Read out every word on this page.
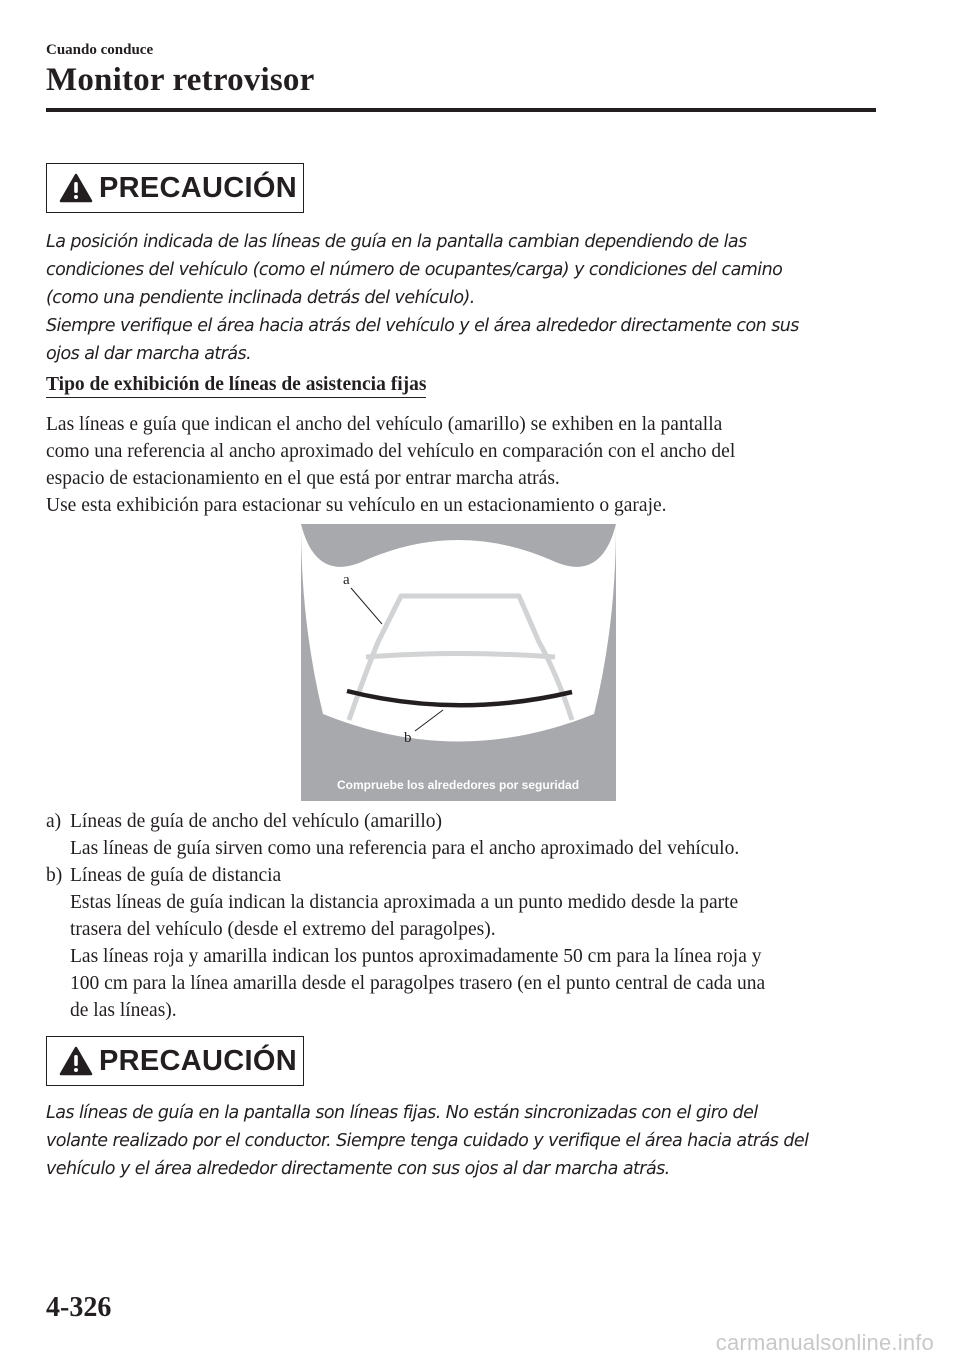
Cuando conduce
Monitor retrovisor
PRECAUCIÓN

La posición indicada de las líneas de guía en la pantalla cambian dependiendo de las

condiciones del vehículo (como el número de ocupantes/carga) y condiciones del camino

(como una pendiente inclinada detrás del vehículo).

Siempre verifique el área hacia atrás del vehículo y el área alrededor directamente con sus

ojos al dar marcha atrás.

Tipo de exhibición de líneas de asistencia fijas

Las líneas e guía que indican el ancho del vehículo (amarillo) se exhiben en la pantalla

como una referencia al ancho aproximado del vehículo en comparación con el ancho del

espacio de estacionamiento en el que está por entrar marcha atrás.

Use esta exhibición para estacionar su vehículo en un estacionamiento o garaje.

a
b
Compruebe los alrededores por seguridad
a) Líneas de guía de ancho del vehículo (amarillo)

Las líneas de guía sirven como una referencia para el ancho aproximado del vehículo.

b) Líneas de guía de distancia

Estas líneas de guía indican la distancia aproximada a un punto medido desde la parte

trasera del vehículo (desde el extremo del paragolpes).

Las líneas roja y amarilla indican los puntos aproximadamente 50 cm para la línea roja y

100 cm para la línea amarilla desde el paragolpes trasero (en el punto central de cada una

de las líneas).

PRECAUCIÓN

Las líneas de guía en la pantalla son líneas fijas. No están sincronizadas con el giro del

volante realizado por el conductor. Siempre tenga cuidado y verifique el área hacia atrás del

vehículo y el área alrededor directamente con sus ojos al dar marcha atrás.

4-326
carmanualsonline.info
